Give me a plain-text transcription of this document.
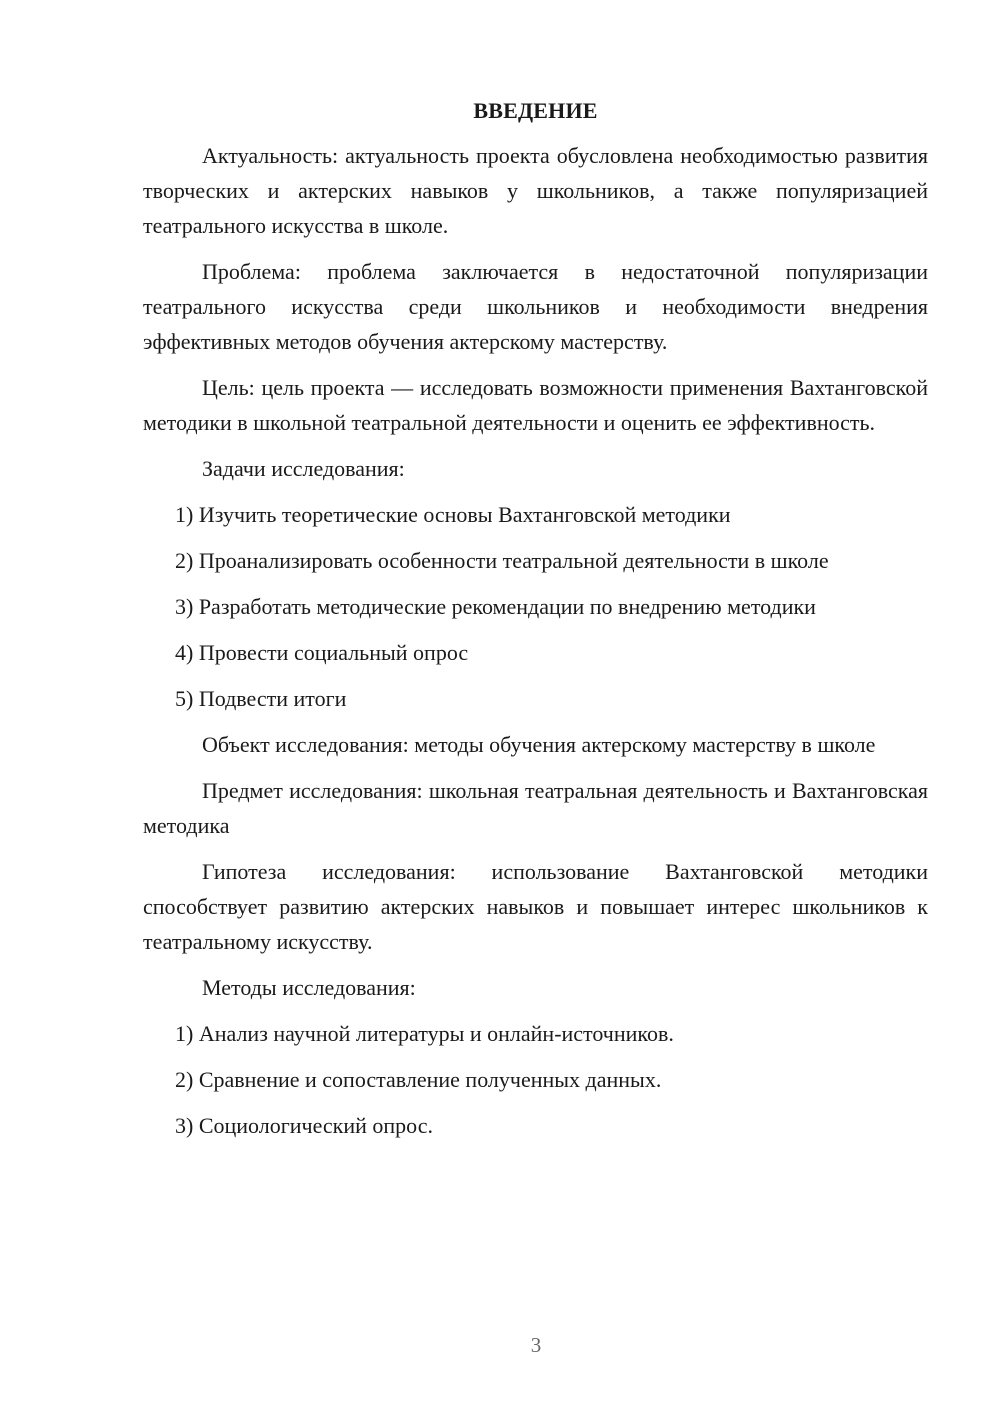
ВВЕДЕНИЕ

Актуальность: актуальность проекта обусловлена необходимостью развития творческих и актерских навыков у школьников, а также популяризацией театрального искусства в школе.

Проблема: проблема заключается в недостаточной популяризации театрального искусства среди школьников и необходимости внедрения эффективных методов обучения актерскому мастерству.

Цель: цель проекта — исследовать возможности применения Вахтанговской методики в школьной театральной деятельности и оценить ее эффективность.

Задачи исследования:

1) Изучить теоретические основы Вахтанговской методики
2) Проанализировать особенности театральной деятельности в школе
3) Разработать методические рекомендации по внедрению методики
4) Провести социальный опрос
5) Подвести итоги

Объект исследования: методы обучения актерскому мастерству в школе

Предмет исследования: школьная театральная деятельность и Вахтанговская методика

Гипотеза исследования: использование Вахтанговской методики способствует развитию актерских навыков и повышает интерес школьников к театральному искусству.

Методы исследования:

1) Анализ научной литературы и онлайн-источников.
2) Сравнение и сопоставление полученных данных.
3) Социологический опрос.
3
